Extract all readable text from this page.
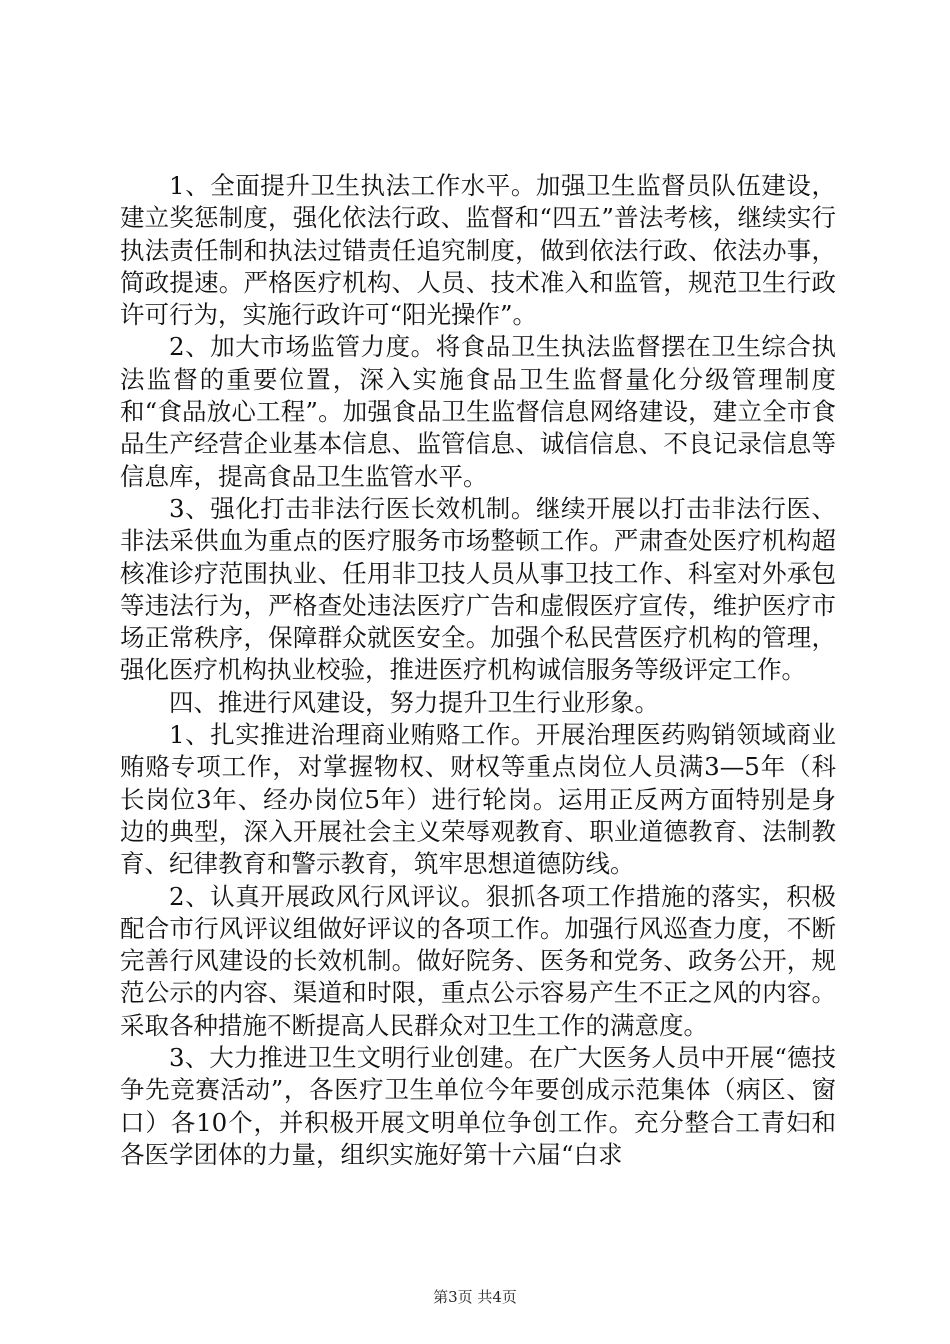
1、全面提升卫生执法工作水平。加强卫生监督员队伍建设，建立奖惩制度，强化依法行政、监督和“四五”普法考核，继续实行执法责任制和执法过错责任追究制度，做到依法行政、依法办事，简政提速。严格医疗机构、人员、技术准入和监管，规范卫生行政许可行为，实施行政许可“阳光操作”。

2、加大市场监管力度。将食品卫生执法监督摆在卫生综合执法监督的重要位置，深入实施食品卫生监督量化分级管理制度和“食品放心工程”。加强食品卫生监督信息网络建设，建立全市食品生产经营企业基本信息、监管信息、诚信信息、不良记录信息等信息库，提高食品卫生监管水平。

3、强化打击非法行医长效机制。继续开展以打击非法行医、非法采供血为重点的医疗服务市场整顿工作。严肃查处医疗机构超核准诊疗范围执业、任用非卫技人员从事卫技工作、科室对外承包等违法行为，严格查处违法医疗广告和虚假医疗宣传，维护医疗市场正常秩序，保障群众就医安全。加强个私民营医疗机构的管理，强化医疗机构执业校验，推进医疗机构诚信服务等级评定工作。

四、推进行风建设，努力提升卫生行业形象。

1、扎实推进治理商业贿赂工作。开展治理医药购销领域商业贿赂专项工作，对掌握物权、财权等重点岗位人员满3—5年（科长岗位3年、经办岗位5年）进行轮岗。运用正反两方面特别是身边的典型，深入开展社会主义荣辱观教育、职业道德教育、法制教育、纪律教育和警示教育，筑牢思想道德防线。

2、认真开展政风行风评议。狠抓各项工作措施的落实，积极配合市行风评议组做好评议的各项工作。加强行风巡查力度，不断完善行风建设的长效机制。做好院务、医务和党务、政务公开，规范公示的内容、渠道和时限，重点公示容易产生不正之风的内容。采取各种措施不断提高人民群众对卫生工作的满意度。

3、大力推进卫生文明行业创建。在广大医务人员中开展“德技争先竞赛活动”，各医疗卫生单位今年要创成示范集体（病区、窗口）各10个，并积极开展文明单位争创工作。充分整合工青妇和各医学团体的力量，组织实施好第十六届“白求

第3页 共4页
